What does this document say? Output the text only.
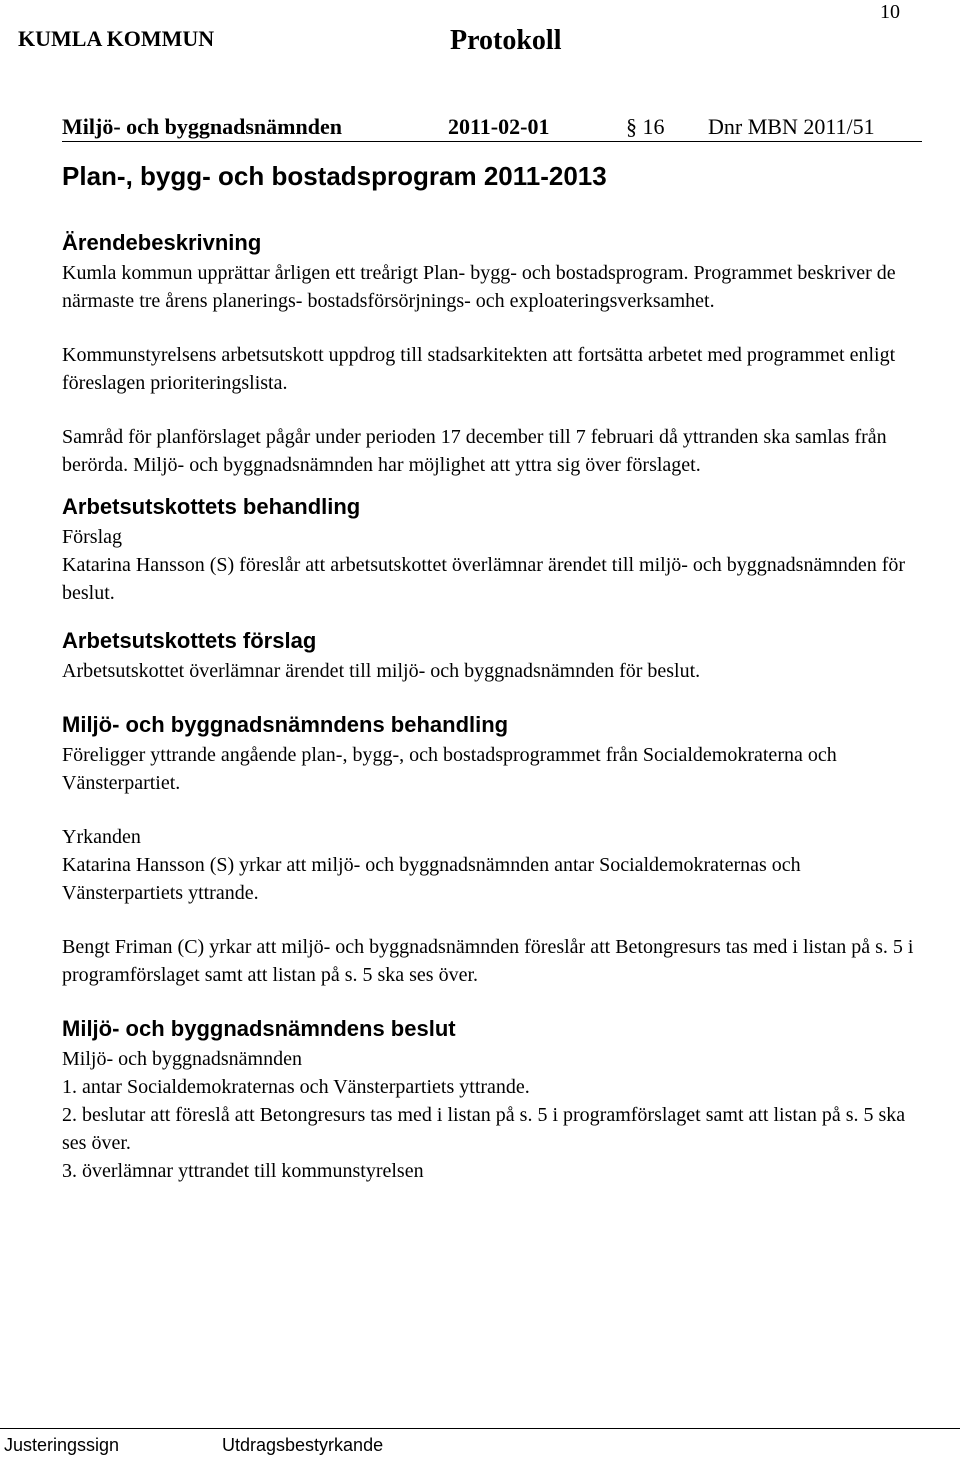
10
KUMLA KOMMUN	Protokoll
Miljö- och byggnadsnämnden	2011-02-01
§	16 Dnr MBN 2011/51
Plan-, bygg- och bostadsprogram 2011-2013
Ärendebeskrivning

Kumla kommun upprättar årligen ett treårigt Plan- bygg- och bostadsprogram. Programmet beskriver de närmaste tre årens planerings- bostadsförsörjnings- och exploateringsverksamhet.

Kommunstyrelsens arbetsutskott uppdrog till stadsarkitekten att fortsätta arbetet med programmet enligt föreslagen prioriteringslista.

Samråd för planförslaget pågår under perioden 17 december till 7 februari då yttranden ska samlas från berörda. Miljö- och byggnadsnämnden har möjlighet att yttra sig över förslaget.

Arbetsutskottets behandling

Förslag

Katarina Hansson (S) föreslår att arbetsutskottet överlämnar ärendet till miljö- och byggnadsnämnden för beslut.

Arbetsutskottets förslag

Arbetsutskottet överlämnar ärendet till miljö- och byggnadsnämnden för beslut.

Miljö- och byggnadsnämndens behandling

Föreligger yttrande angående plan-, bygg-, och bostadsprogrammet från Socialdemokraterna och Vänsterpartiet.

Yrkanden

Katarina Hansson (S) yrkar att miljö- och byggnadsnämnden antar Socialdemokraternas och Vänsterpartiets yttrande.

Bengt Friman (C) yrkar att miljö- och byggnadsnämnden föreslår att Betongresurs tas med i listan på s. 5 i programförslaget samt att listan på s. 5 ska ses över.

Miljö- och byggnadsnämndens beslut

Miljö- och byggnadsnämnden

1. antar Socialdemokraternas och Vänsterpartiets yttrande.

2. beslutar att föreslå att Betongresurs tas med i listan på s. 5 i programförslaget samt att listan på s. 5 ska ses över.

3. överlämnar yttrandet till kommunstyrelsen

Justeringssign	Utdragsbestyrkande
